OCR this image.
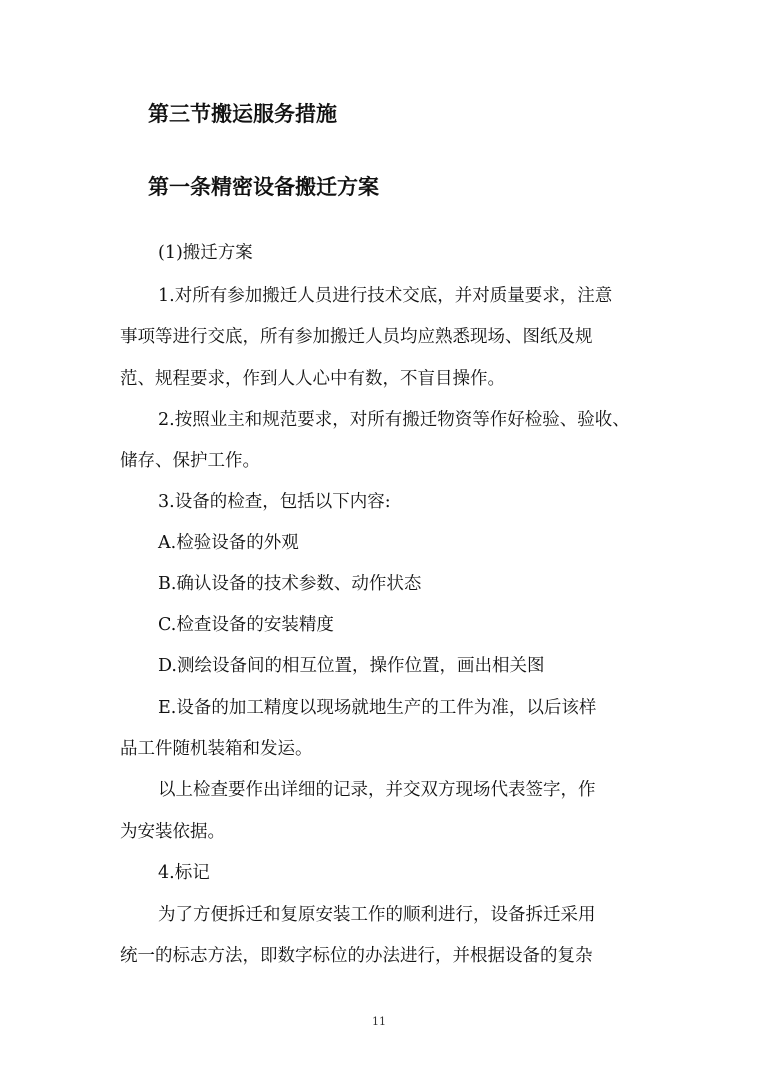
第三节搬运服务措施
第一条精密设备搬迁方案

(1)搬迁方案

1.对所有参加搬迁人员进行技术交底，并对质量要求，注意

事项等进行交底，所有参加搬迁人员均应熟悉现场、图纸及规

范、规程要求，作到人人心中有数，不盲目操作。

2.按照业主和规范要求，对所有搬迁物资等作好检验、验收、

储存、保护工作。

3.设备的检查，包括以下内容:

A.检验设备的外观

B.确认设备的技术参数、动作状态

C.检查设备的安装精度

D.测绘设备间的相互位置，操作位置，画出相关图

E.设备的加工精度以现场就地生产的工件为准，以后该样

品工件随机装箱和发运。

以上检查要作出详细的记录，并交双方现场代表签字，作

为安装依据。

4.标记

为了方便拆迁和复原安装工作的顺利进行，设备拆迁采用

统一的标志方法，即数字标位的办法进行，并根据设备的复杂

11
